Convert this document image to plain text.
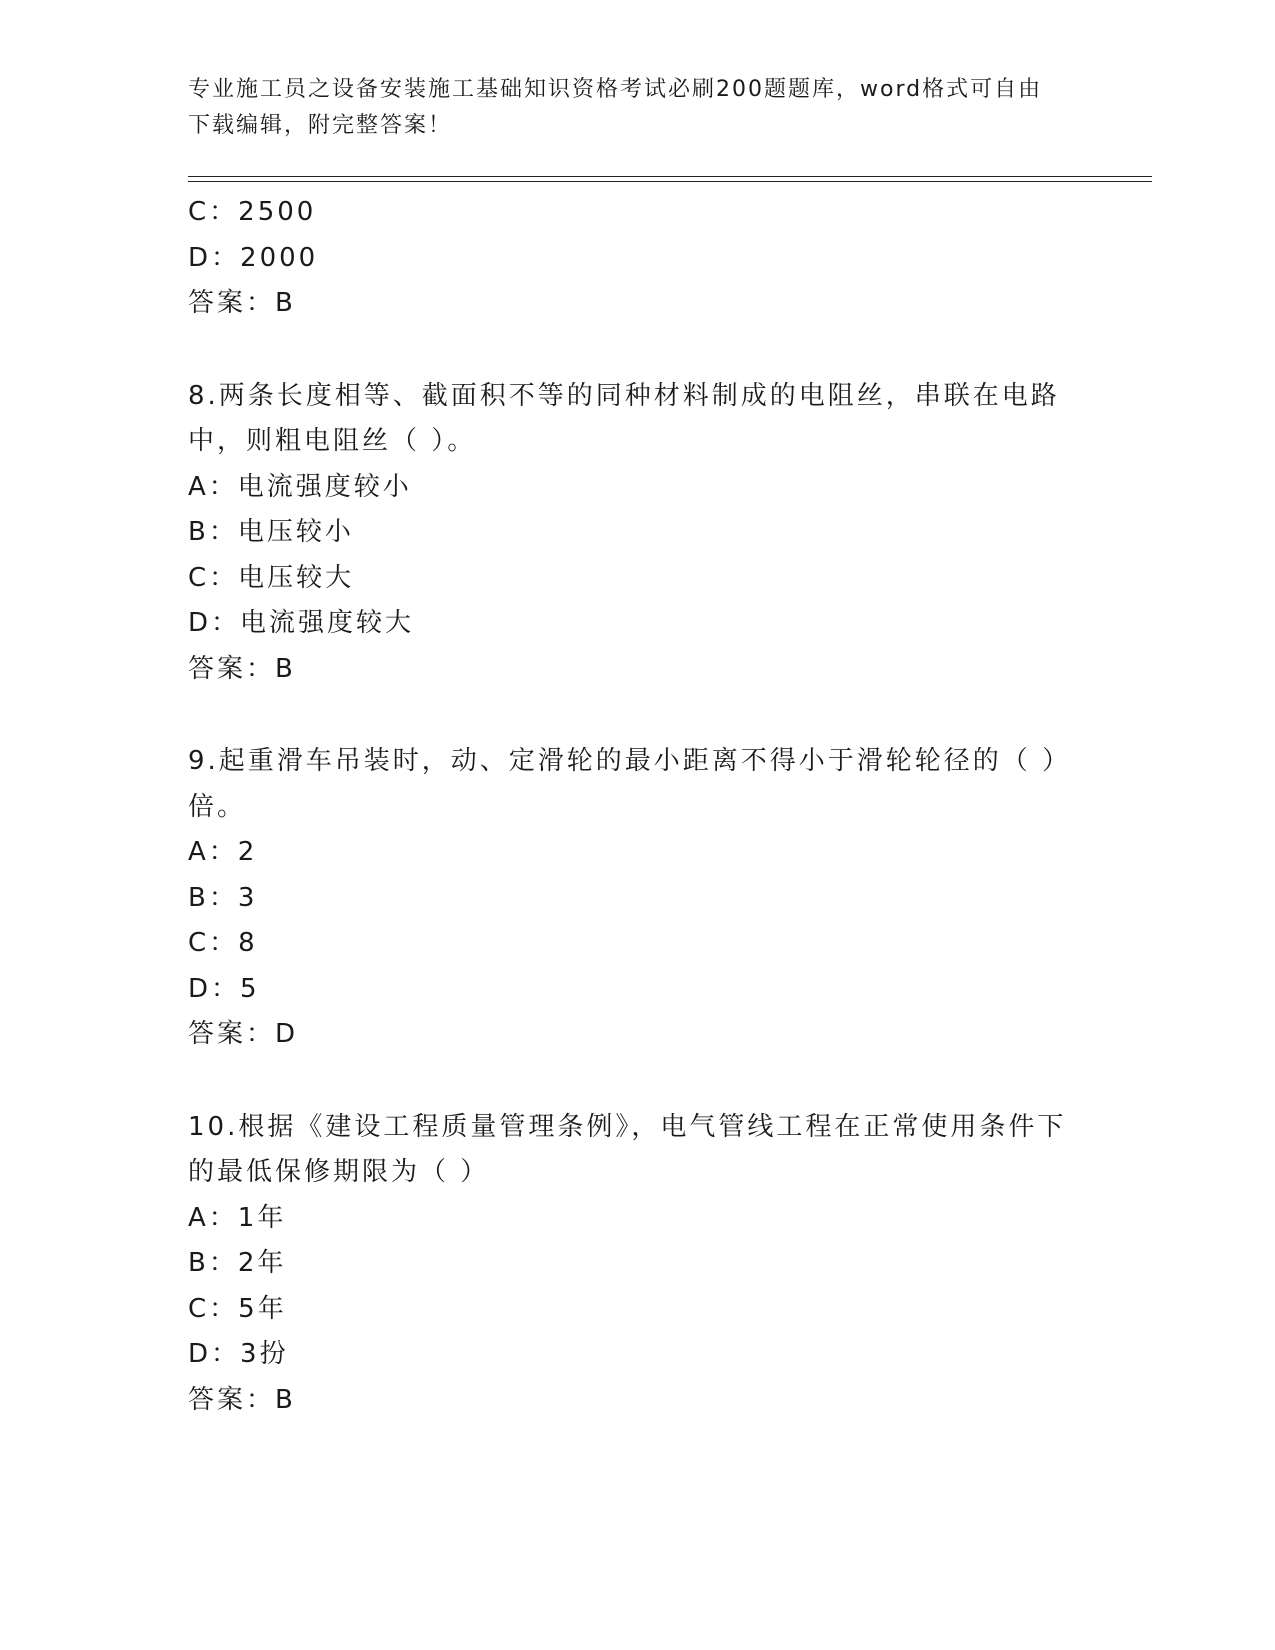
专业施工员之设备安装施工基础知识资格考试必刷200题题库，word格式可自由
下载编辑，附完整答案！
C：2500
D：2000
答案：B
8.两条长度相等、截面积不等的同种材料制成的电阻丝，串联在电路
中，则粗电阻丝（ ）。
A：电流强度较小
B：电压较小
C：电压较大
D：电流强度较大
答案：B
9.起重滑车吊装时，动、定滑轮的最小距离不得小于滑轮轮径的（ ）
倍。
A：2
B：3
C：8
D：5
答案：D
10.根据《建设工程质量管理条例》，电气管线工程在正常使用条件下
的最低保修期限为（ ）
A：1年
B：2年
C：5年
D：3扮
答案：B
